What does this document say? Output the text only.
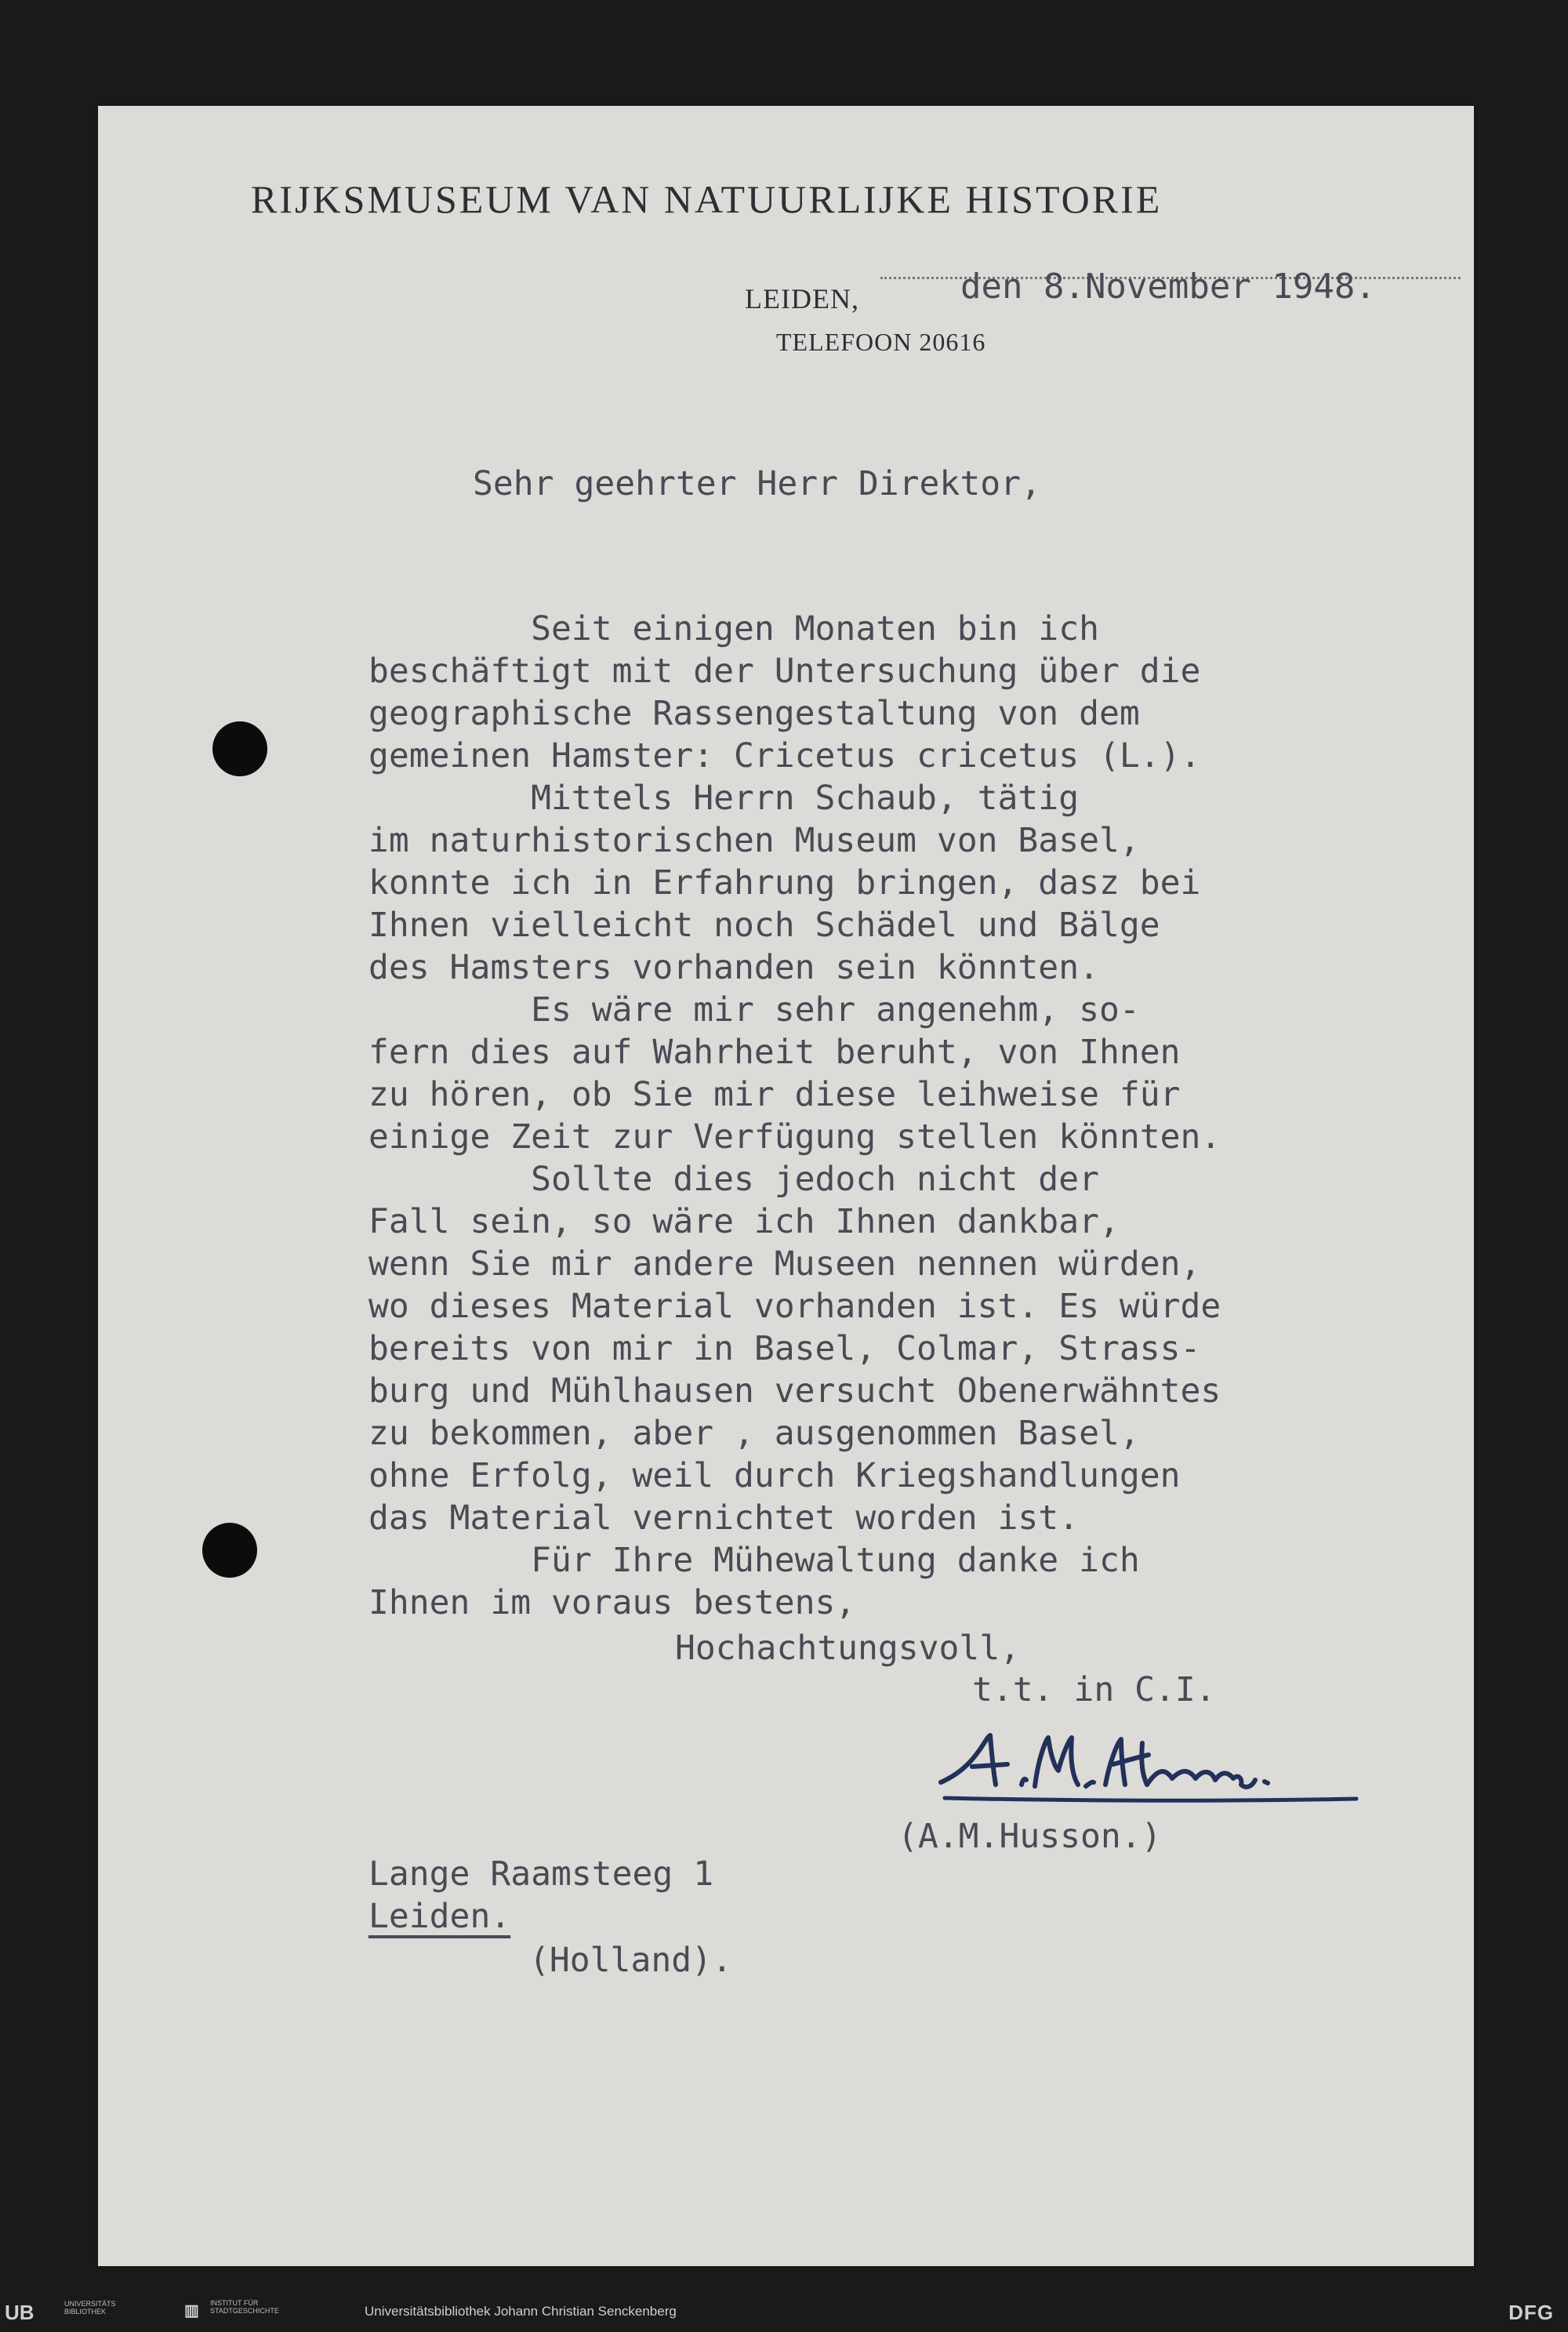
RIJKSMUSEUM VAN NATUURLIJKE HISTORIE
LEIDEN,	den 8.November 1948.
TELEFOON 20616
Sehr geehrter Herr Direktor,
Seit einigen Monaten bin ich
beschäftigt mit der Untersuchung über die
geographische Rassengestaltung von dem
gemeinen Hamster: Cricetus cricetus (L.).
Mittels Herrn Schaub, tätig
im naturhistorischen Museum von Basel,
konnte ich in Erfahrung bringen, dasz bei
Ihnen vielleicht noch Schädel und Bälge
des Hamsters vorhanden sein könnten.
Es wäre mir sehr angenehm, so-
fern dies auf Wahrheit beruht, von Ihnen
zu hören, ob Sie mir diese leihweise für
einige Zeit zur Verfügung stellen könnten.
Sollte dies jedoch nicht der
Fall sein, so wäre ich Ihnen dankbar,
wenn Sie mir andere Museen nennen würden,
wo dieses Material vorhanden ist. Es würde
bereits von mir in Basel, Colmar, Strass-
burg und Mühlhausen versucht Obenerwähntes
zu bekommen, aber , ausgenommen Basel,
ohne Erfolg, weil durch Kriegshandlungen
das Material vernichtet worden ist.
Für Ihre Mühewaltung danke ich
Ihnen im voraus bestens,
Hochachtungsvoll,
t.t. in C.I.
(A.M.Husson.)
Lange Raamsteeg 1
Leiden.
(Holland).
UB	UNIVERSITÄTS BIBLIOTHEK	▥ INSTITUT FÜR STADTGESCHICHTE	Universitätsbibliothek Johann Christian Senckenberg	DFG
